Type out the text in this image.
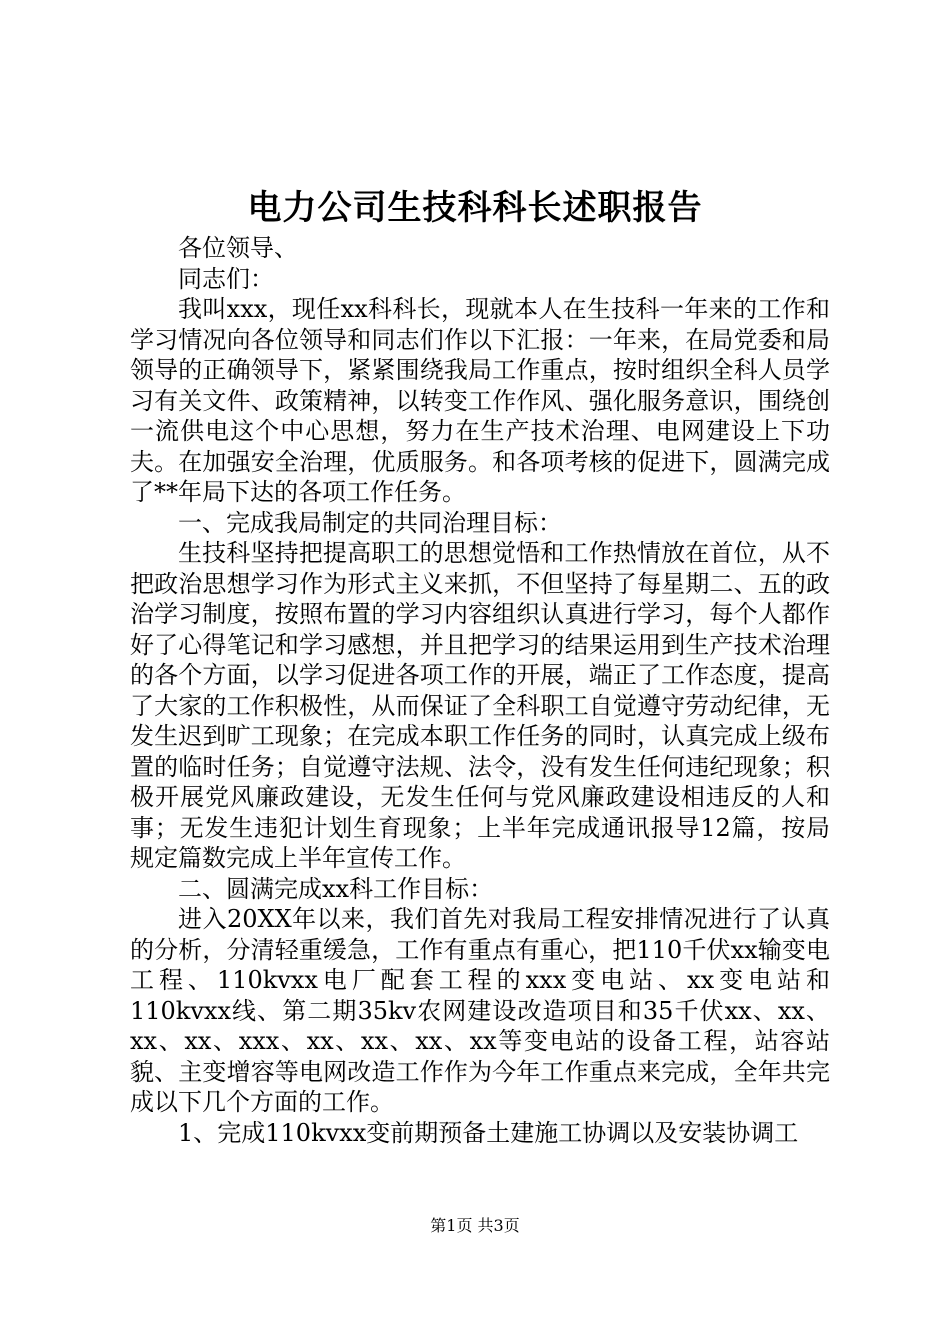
电力公司生技科科长述职报告

各位领导、

同志们：

我叫xxx，现任xx科科长，现就本人在生技科一年来的工作和学习情况向各位领导和同志们作以下汇报：一年来，在局党委和局领导的正确领导下，紧紧围绕我局工作重点，按时组织全科人员学习有关文件、政策精神，以转变工作作风、强化服务意识，围绕创一流供电这个中心思想，努力在生产技术治理、电网建设上下功夫。在加强安全治理，优质服务。和各项考核的促进下，圆满完成了**年局下达的各项工作任务。

一、完成我局制定的共同治理目标：

生技科坚持把提高职工的思想觉悟和工作热情放在首位，从不把政治思想学习作为形式主义来抓，不但坚持了每星期二、五的政治学习制度，按照布置的学习内容组织认真进行学习，每个人都作好了心得笔记和学习感想，并且把学习的结果运用到生产技术治理的各个方面，以学习促进各项工作的开展，端正了工作态度，提高了大家的工作积极性，从而保证了全科职工自觉遵守劳动纪律，无发生迟到旷工现象；在完成本职工作任务的同时，认真完成上级布置的临时任务；自觉遵守法规、法令，没有发生任何违纪现象；积极开展党风廉政建设，无发生任何与党风廉政建设相违反的人和事；无发生违犯计划生育现象；上半年完成通讯报导12篇，按局规定篇数完成上半年宣传工作。

二、圆满完成xx科工作目标：

进入20XX年以来，我们首先对我局工程安排情况进行了认真的分析，分清轻重缓急，工作有重点有重心，把110千伏xx输变电工程、110kvxx电厂配套工程的xxx变电站、xx变电站和110kvxx线、第二期35kv农网建设改造项目和35千伏xx、xx、xx、xx、xxx、xx、xx、xx、xx等变电站的设备工程，站容站貌、主变增容等电网改造工作作为今年工作重点来完成，全年共完成以下几个方面的工作。

1、完成110kvxx变前期预备土建施工协调以及安装协调工

第1页 共3页
